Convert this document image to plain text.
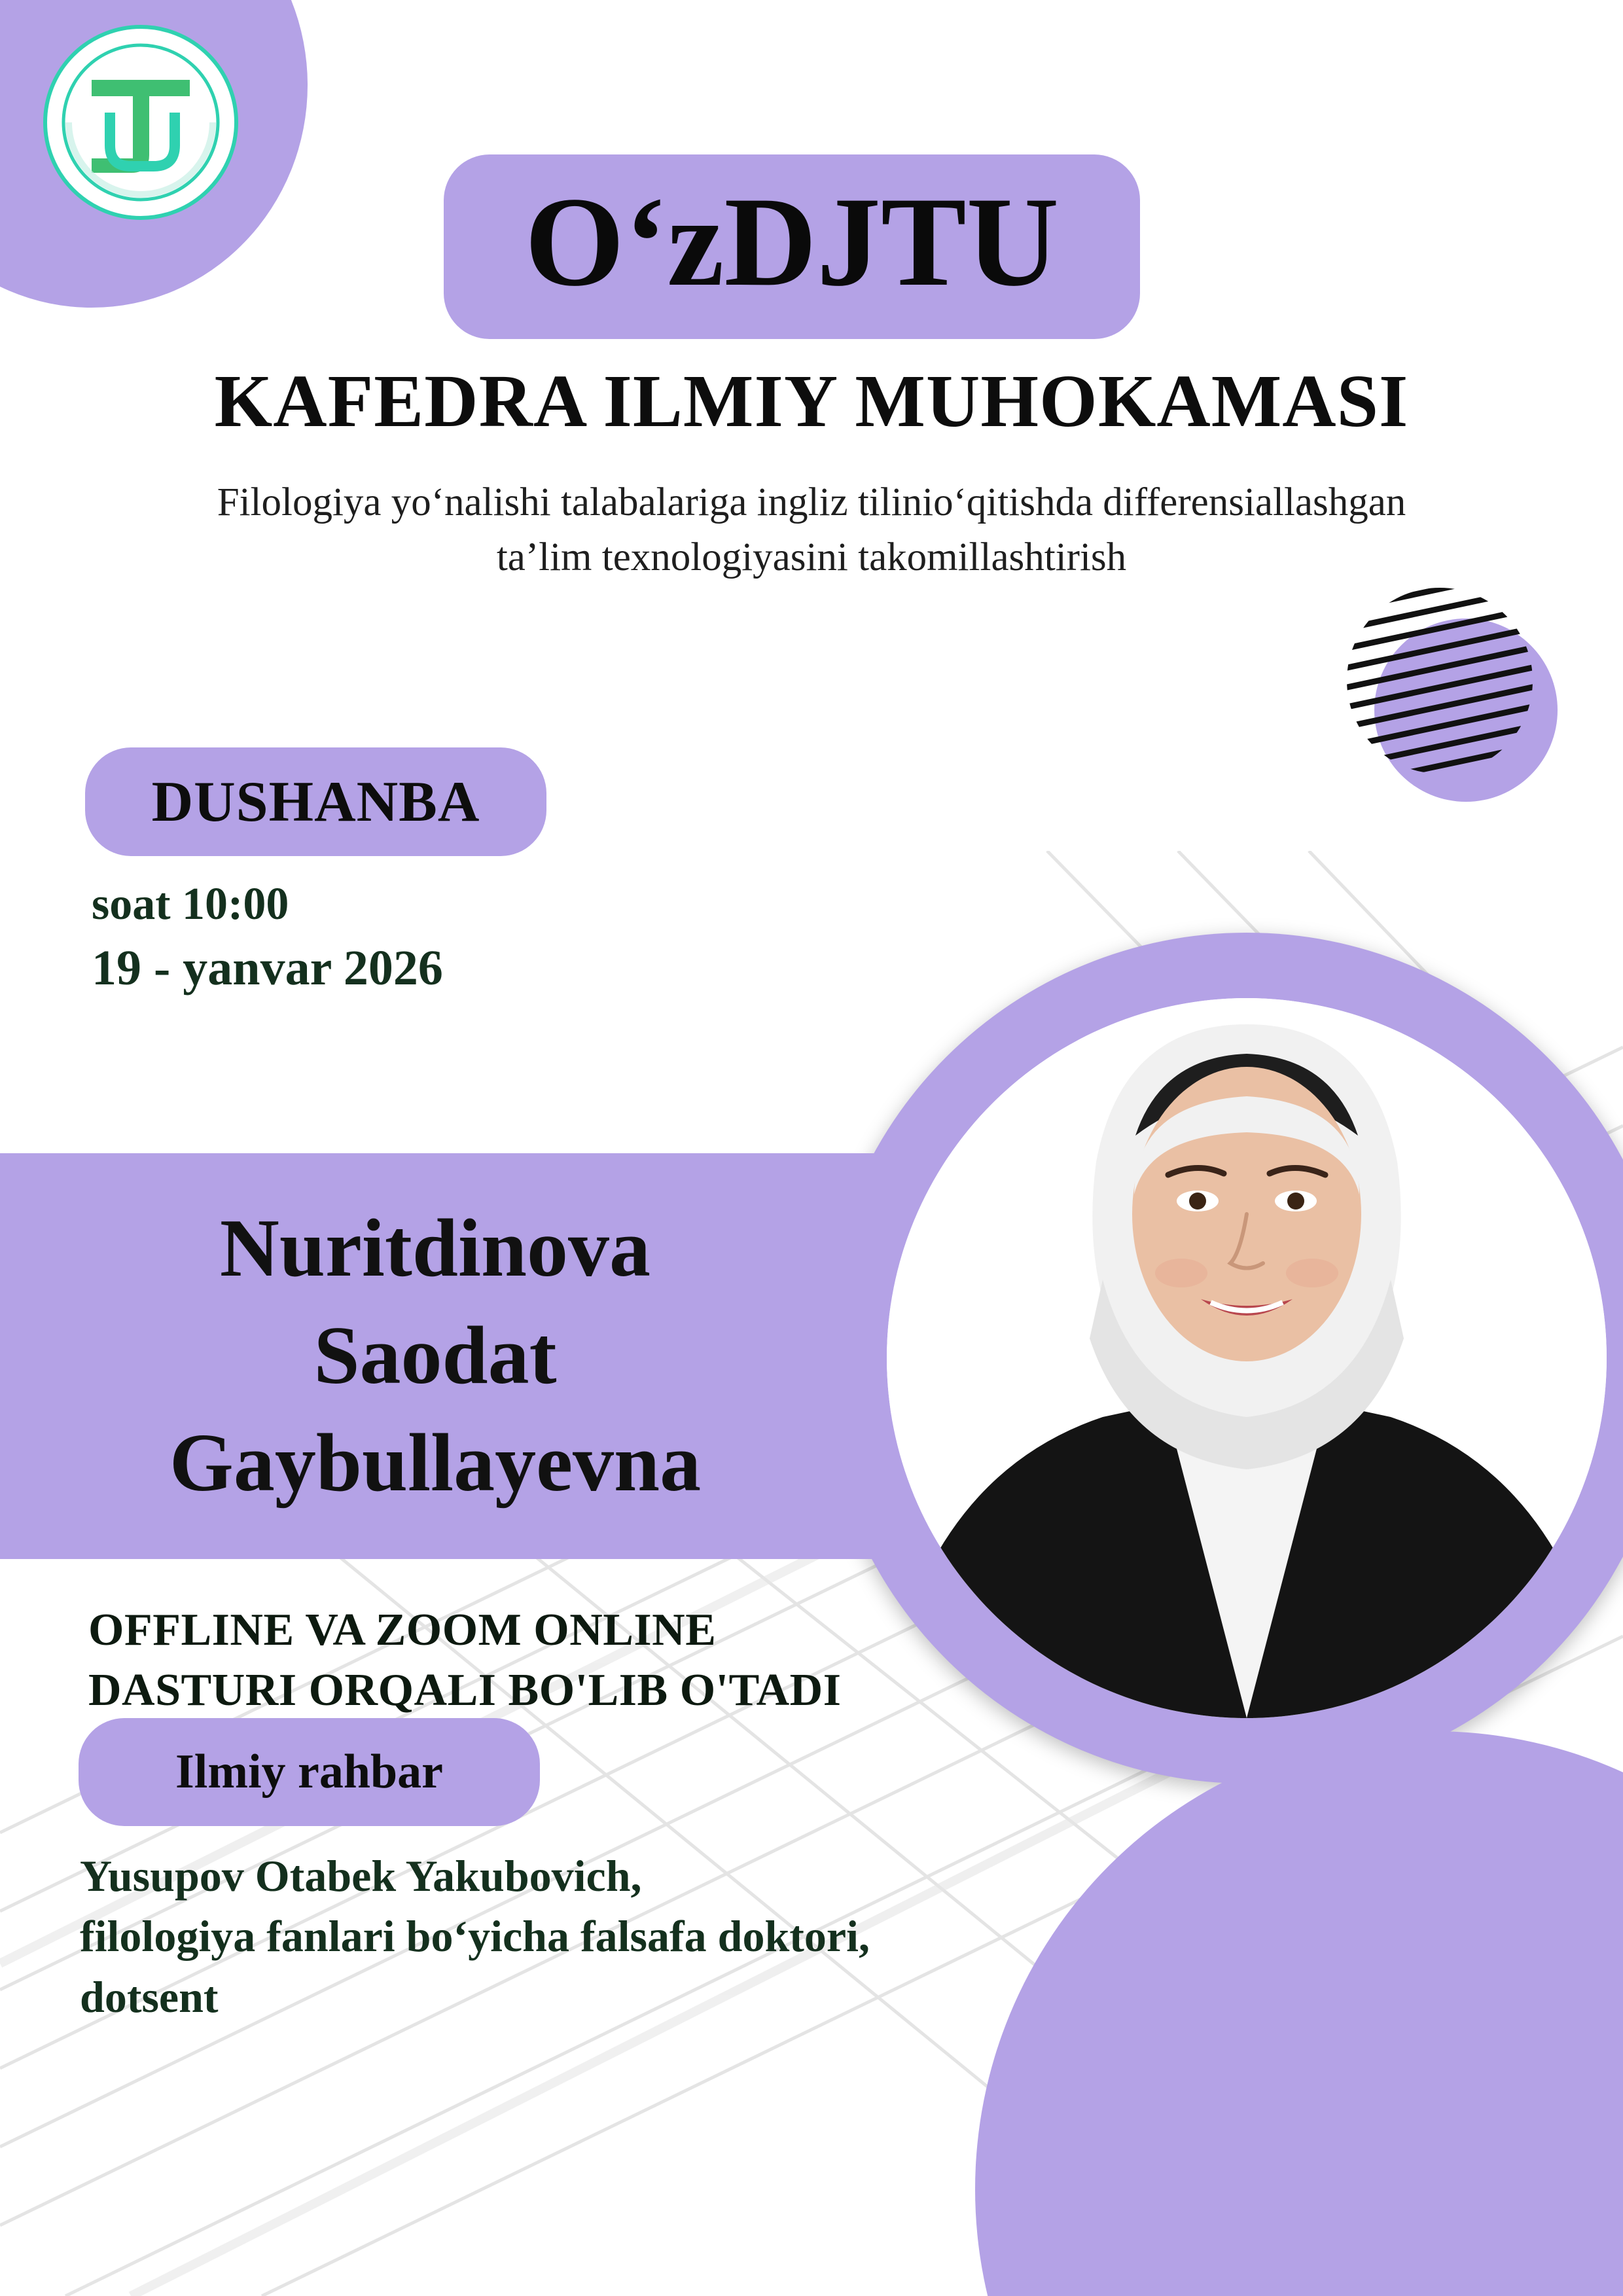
O‘zDJTU
KAFEDRA ILMIY MUHOKAMASI
Filologiya yo‘nalishi talabalariga ingliz tilinio‘qitishda differensiallashgan
ta’lim texnologiyasini takomillashtirish
DUSHANBA
soat 10:00
19 - yanvar 2026
Nuritdinova
Saodat
Gaybullayevna
OFFLINE VA ZOOM ONLINE
DASTURI ORQALI BO'LIB O'TADI
Ilmiy rahbar
Yusupov Otabek Yakubovich,
filologiya fanlari bo‘yicha falsafa doktori,
dotsent
